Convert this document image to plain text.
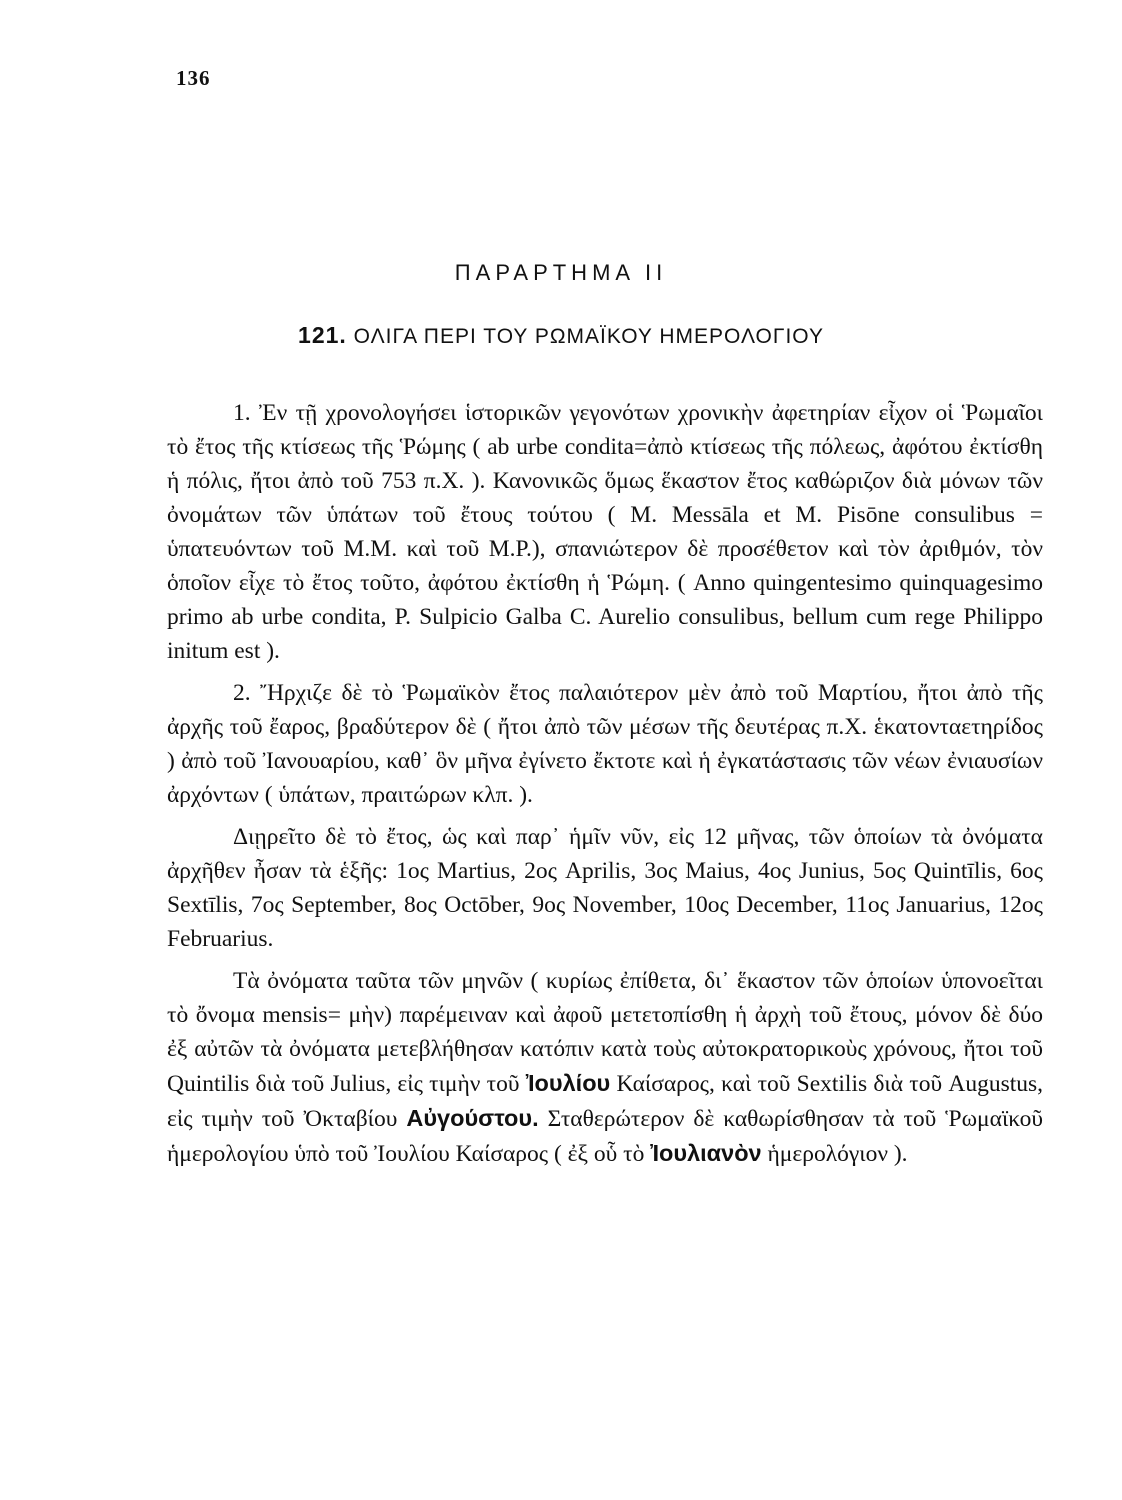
136
ΠΑΡΑΡΤΗΜΑ ΙΙ
121. ΟΛΙΓΑ ΠΕΡΙ ΤΟΥ ΡΩΜΑΪΚΟΥ ΗΜΕΡΟΛΟΓΙΟΥ

1. Ἐν τῇ χρονολογήσει ἱστορικῶν γεγονότων χρονικὴν ἀφετηρίαν εἶχον οἱ Ῥωμαῖοι τὸ ἔτος τῆς κτίσεως τῆς Ῥώμης ( ab urbe condita=ἀπὸ κτίσεως τῆς πόλεως, ἀφότου ἐκτίσθη ἡ πόλις, ἤτοι ἀπὸ τοῦ 753 π.Χ. ). Κανονικῶς ὅμως ἕκαστον ἔτος καθώριζον διὰ μόνων τῶν ὀνομάτων τῶν ὑπάτων τοῦ ἔτους τούτου ( M. Messāla et M. Pisōne consulibus = ὑπατευόντων τοῦ Μ.Μ. καὶ τοῦ Μ.Ρ.), σπανιώτερον δὲ προσέθετον καὶ τὸν ἀριθμόν, τὸν ὁποῖον εἶχε τὸ ἔτος τοῦτο, ἀφότου ἐκτίσθη ἡ Ῥώμη. ( Anno quingentesimo quinquagesimo primo ab urbe condita, P. Sulpicio Galba C. Aurelio consulibus, bellum cum rege Philippo initum est ).

2. Ἤρχιζε δὲ τὸ Ῥωμαϊκὸν ἔτος παλαιότερον μὲν ἀπὸ τοῦ Μαρτίου, ἤτοι ἀπὸ τῆς ἀρχῆς τοῦ ἔαρος, βραδύτερον δὲ ( ἤτοι ἀπὸ τῶν μέσων τῆς δευτέρας π.Χ. ἑκατονταετηρίδος ) ἀπὸ τοῦ Ἰανουαρίου, καθ᾽ ὃν μῆνα ἐγίνετο ἔκτοτε καὶ ἡ ἐγκατάστασις τῶν νέων ἐνιαυσίων ἀρχόντων ( ὑπάτων, πραιτώρων κλπ. ).

Διῃρεῖτο δὲ τὸ ἔτος, ὡς καὶ παρ᾽ ἡμῖν νῦν, εἰς 12 μῆνας, τῶν ὁποίων τὰ ὀνόματα ἀρχῆθεν ἦσαν τὰ ἑξῆς: 1ος Martius, 2ος Aprilis, 3ος Maius, 4ος Junius, 5ος Quintīlis, 6ος Sextīlis, 7ος September, 8ος Octōber, 9ος November, 10ος December, 11ος Januarius, 12ος Februarius.

Τὰ ὀνόματα ταῦτα τῶν μηνῶν ( κυρίως ἐπίθετα, δι᾽ ἕκαστον τῶν ὁποίων ὑπονοεῖται τὸ ὄνομα mensis= μὴν) παρέμειναν καὶ ἀφοῦ μετετοπίσθη ἡ ἀρχὴ τοῦ ἔτους, μόνον δὲ δύο ἐξ αὐτῶν τὰ ὀνόματα μετεβλήθησαν κατόπιν κατὰ τοὺς αὐτοκρατορικοὺς χρόνους, ἤτοι τοῦ Quintilis διὰ τοῦ Julius, εἰς τιμὴν τοῦ Ἰουλίου Καίσαρος, καὶ τοῦ Sextilis διὰ τοῦ Augustus, εἰς τιμὴν τοῦ Ὀκταβίου Αὐγούστου. Σταθερώτερον δὲ καθωρίσθησαν τὰ τοῦ Ῥωμαϊκοῦ ἡμερολογίου ὑπὸ τοῦ Ἰουλίου Καίσαρος ( ἐξ οὗ τὸ Ἰουλιανὸν ἡμερολόγιον ).
